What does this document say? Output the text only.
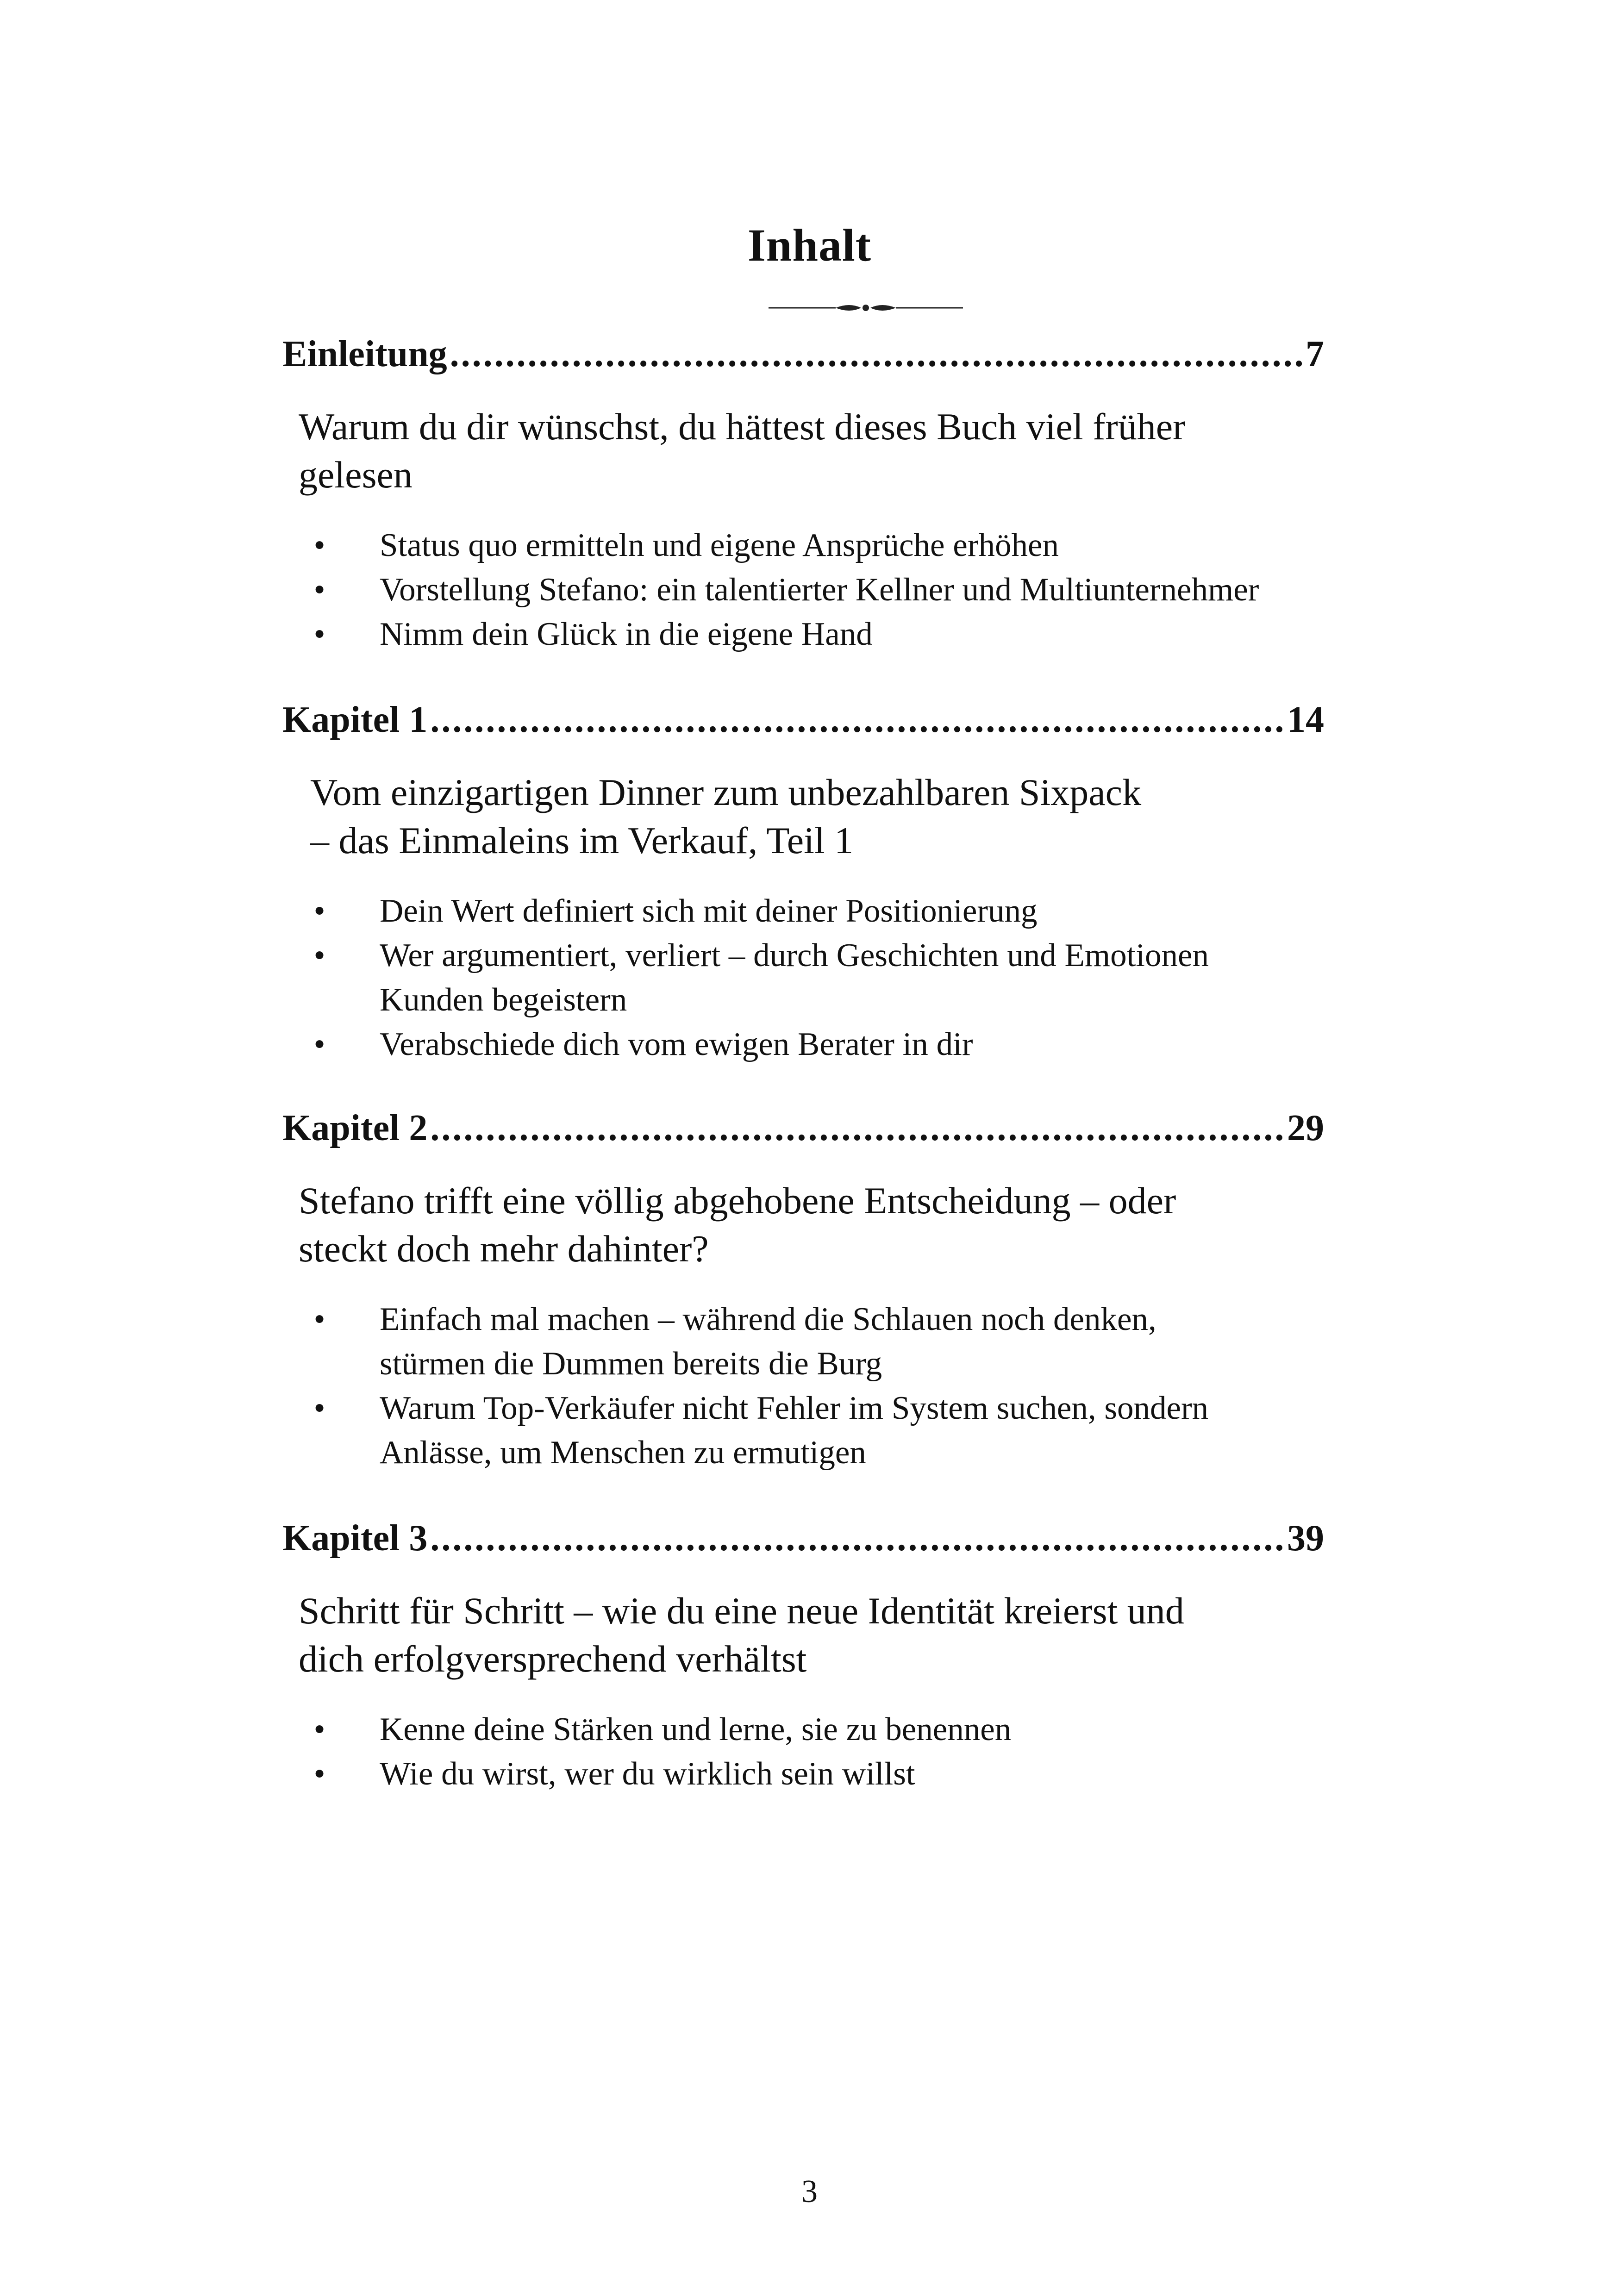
Inhalt
Einleitung .....	7
Warum du dir wünschst, du hättest dieses Buch viel früher
gelesen
• Status quo ermitteln und eigene Ansprüche erhöhen
• Vorstellung Stefano: ein talentierter Kellner und Multiunternehmer
• Nimm dein Glück in die eigene Hand
Kapitel 1 .....	14
Vom einzigartigen Dinner zum unbezahlbaren Sixpack
– das Einmaleins im Verkauf, Teil 1
• Dein Wert definiert sich mit deiner Positionierung
• Wer argumentiert, verliert – durch Geschichten und Emotionen
Kunden begeistern
• Verabschiede dich vom ewigen Berater in dir
Kapitel 2 .....	29
Stefano trifft eine völlig abgehobene Entscheidung – oder
steckt doch mehr dahinter?
• Einfach mal machen – während die Schlauen noch denken,
stürmen die Dummen bereits die Burg
• Warum Top-Verkäufer nicht Fehler im System suchen, sondern
Anlässe, um Menschen zu ermutigen
Kapitel 3 .....	39
Schritt für Schritt – wie du eine neue Identität kreierst und
dich erfolgversprechend verhältst
• Kenne deine Stärken und lerne, sie zu benennen
• Wie du wirst, wer du wirklich sein willst
3
